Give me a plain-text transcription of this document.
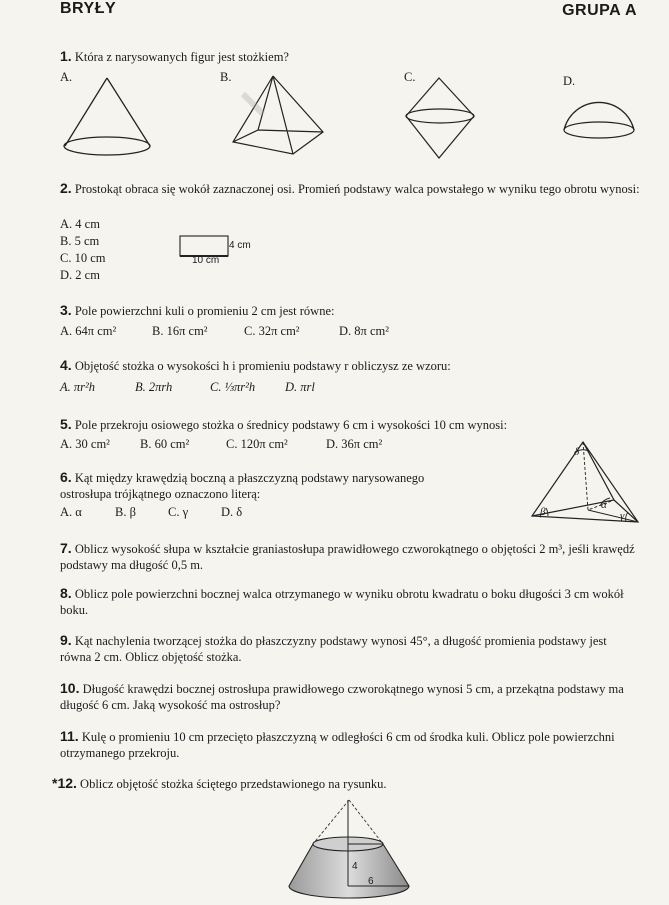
BRYŁY	GRUPA A
1. Która z narysowanych figur jest stożkiem?
A.	B.	C.	D.
2. Prostokąt obraca się wokół zaznaczonej osi. Promień podstawy walca powstałego w wyniku tego obrotu wynosi:
A. 4 cm
B. 5 cm
C. 10 cm
D. 2 cm
4 cm
10 cm
3. Pole powierzchni kuli o promieniu 2 cm jest równe:
A. 64π cm²	B. 16π cm²	C. 32π cm²	D. 8π cm²
4. Objętość stożka o wysokości h i promieniu podstawy r obliczysz ze wzoru:
A. πr²h	B. 2πrh	C. ⅓πr²h D. πrl
5. Pole przekroju osiowego stożka o średnicy podstawy 6 cm i wysokości 10 cm wynosi:
A. 30 cm² B. 60 cm²	C. 120π cm²	D. 36π cm²
6. Kąt między krawędzią boczną a płaszczyzną podstawy narysowanego ostrosłupa trójkątnego oznaczono literą:
A. α	B. β	C. γ	D. δ
δ
α
β	γ
7. Oblicz wysokość słupa w kształcie graniastosłupa prawidłowego czworokątnego o objętości 2 m³, jeśli krawędź podstawy ma długość 0,5 m.
8. Oblicz pole powierzchni bocznej walca otrzymanego w wyniku obrotu kwadratu o boku długości 3 cm wokół boku.
9. Kąt nachylenia tworzącej stożka do płaszczyzny podstawy wynosi 45°, a długość promienia podstawy jest równa 2 cm. Oblicz objętość stożka.
10. Długość krawędzi bocznej ostrosłupa prawidłowego czworokątnego wynosi 5 cm, a przekątna podstawy ma długość 6 cm. Jaką wysokość ma ostrosłup?
11. Kulę o promieniu 10 cm przecięto płaszczyzną w odległości 6 cm od środka kuli. Oblicz pole powierzchni otrzymanego przekroju.
*12. Oblicz objętość stożka ściętego przedstawionego na rysunku.
4
6
